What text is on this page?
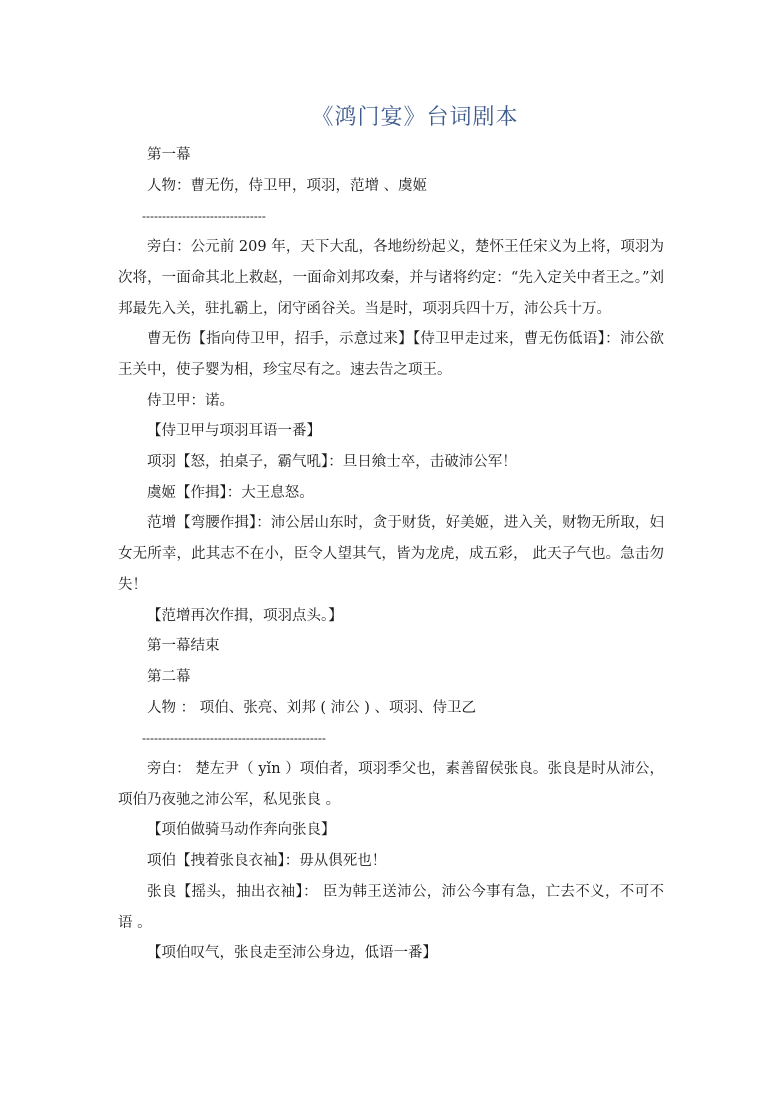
《鸿门宴》台词剧本

第一幕

人物：曹无伤，侍卫甲，项羽，范增 、虞姬

-------------------------------

旁白：公元前 209 年，天下大乱，各地纷纷起义，楚怀王任宋义为上将，项羽为次将，一面命其北上救赵，一面命刘邦攻秦，并与诸将约定：“先入定关中者王之。”刘邦最先入关，驻扎霸上，闭守函谷关。当是时，项羽兵四十万，沛公兵十万。

曹无伤【指向侍卫甲，招手，示意过来】【侍卫甲走过来，曹无伤低语】：沛公欲王关中，使子婴为相，珍宝尽有之。速去告之项王。

侍卫甲：诺。

【侍卫甲与项羽耳语一番】

项羽【怒，拍桌子，霸气吼】：旦日飨士卒，击破沛公军！

虞姬【作揖】：大王息怒。

范增【弯腰作揖】：沛公居山东时，贪于财货，好美姬，进入关，财物无所取，妇女无所幸，此其志不在小，臣令人望其气，皆为龙虎，成五彩， 此天子气也。急击勿失！

【范增再次作揖，项羽点头。】

第一幕结束

第二幕

人物 ： 项伯、张亮、刘邦 ( 沛公 ) 、项羽、侍卫乙

----------------------------------------------

旁白： 楚左尹（ yǐn ）项伯者，项羽季父也，素善留侯张良。张良是时从沛公，项伯乃夜驰之沛公军，私见张良 。

【项伯做骑马动作奔向张良】

项伯【拽着张良衣袖】：毋从俱死也！

张良【摇头，抽出衣袖】： 臣为韩王送沛公，沛公今事有急，亡去不义，不可不语 。

【项伯叹气，张良走至沛公身边，低语一番】
